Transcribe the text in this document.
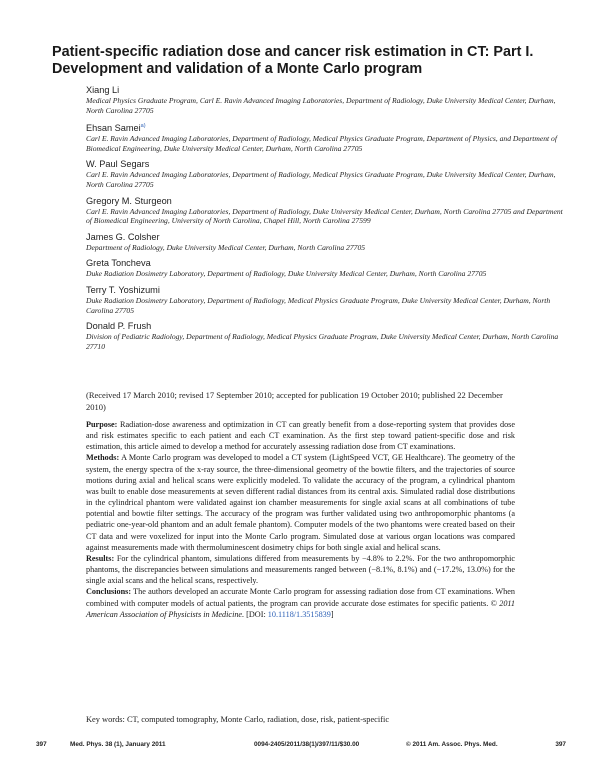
Patient-specific radiation dose and cancer risk estimation in CT: Part I. Development and validation of a Monte Carlo program
Xiang Li
Medical Physics Graduate Program, Carl E. Ravin Advanced Imaging Laboratories, Department of Radiology, Duke University Medical Center, Durham, North Carolina 27705
Ehsan Samei$^{a)}$
Carl E. Ravin Advanced Imaging Laboratories, Department of Radiology, Medical Physics Graduate Program, Department of Physics, and Department of Biomedical Engineering, Duke University Medical Center, Durham, North Carolina 27705
W. Paul Segars
Carl E. Ravin Advanced Imaging Laboratories, Department of Radiology, Medical Physics Graduate Program, Duke University Medical Center, Durham, North Carolina 27705
Gregory M. Sturgeon
Carl E. Ravin Advanced Imaging Laboratories, Department of Radiology, Duke University Medical Center, Durham, North Carolina 27705 and Department of Biomedical Engineering, University of North Carolina, Chapel Hill, North Carolina 27599
James G. Colsher
Department of Radiology, Duke University Medical Center, Durham, North Carolina 27705
Greta Toncheva
Duke Radiation Dosimetry Laboratory, Department of Radiology, Duke University Medical Center, Durham, North Carolina 27705
Terry T. Yoshizumi
Duke Radiation Dosimetry Laboratory, Department of Radiology, Medical Physics Graduate Program, Duke University Medical Center, Durham, North Carolina 27705
Donald P. Frush
Division of Pediatric Radiology, Department of Radiology, Medical Physics Graduate Program, Duke University Medical Center, Durham, North Carolina 27710
(Received 17 March 2010; revised 17 September 2010; accepted for publication 19 October 2010; published 22 December 2010)

Purpose: Radiation-dose awareness and optimization in CT can greatly benefit from a dose-reporting system that provides dose and risk estimates specific to each patient and each CT examination. As the first step toward patient-specific dose and risk estimation, this article aimed to develop a method for accurately assessing radiation dose from CT examinations.

Methods: A Monte Carlo program was developed to model a CT system (LightSpeed VCT, GE Healthcare). The geometry of the system, the energy spectra of the x-ray source, the three-dimensional geometry of the bowtie filters, and the trajectories of source motions during axial and helical scans were explicitly modeled. To validate the accuracy of the program, a cylindrical phantom was built to enable dose measurements at seven different radial distances from its central axis. Simulated radial dose distributions in the cylindrical phantom were validated against ion chamber measurements for single axial scans at all combinations of tube potential and bowtie filter settings. The accuracy of the program was further validated using two anthropomorphic phantoms (a pediatric one-year-old phantom and an adult female phantom). Computer models of the two phantoms were created based on their CT data and were voxelized for input into the Monte Carlo program. Simulated dose at various organ locations was compared against measurements made with thermoluminescent dosimetry chips for both single axial and helical scans.

Results: For the cylindrical phantom, simulations differed from measurements by −4.8% to 2.2%. For the two anthropomorphic phantoms, the discrepancies between simulations and measurements ranged between (−8.1%, 8.1%) and (−17.2%, 13.0%) for the single axial scans and the helical scans, respectively.

Conclusions: The authors developed an accurate Monte Carlo program for assessing radiation dose from CT examinations. When combined with computer models of actual patients, the program can provide accurate dose estimates for specific patients. © 2011 American Association of Physicists in Medicine. [DOI: 10.1118/1.3515839]

Key words: CT, computed tomography, Monte Carlo, radiation, dose, risk, patient-specific
397	Med. Phys. 38 (1), January 2011	0094-2405/2011/38(1)/397/11/$30.00	© 2011 Am. Assoc. Phys. Med.	397
